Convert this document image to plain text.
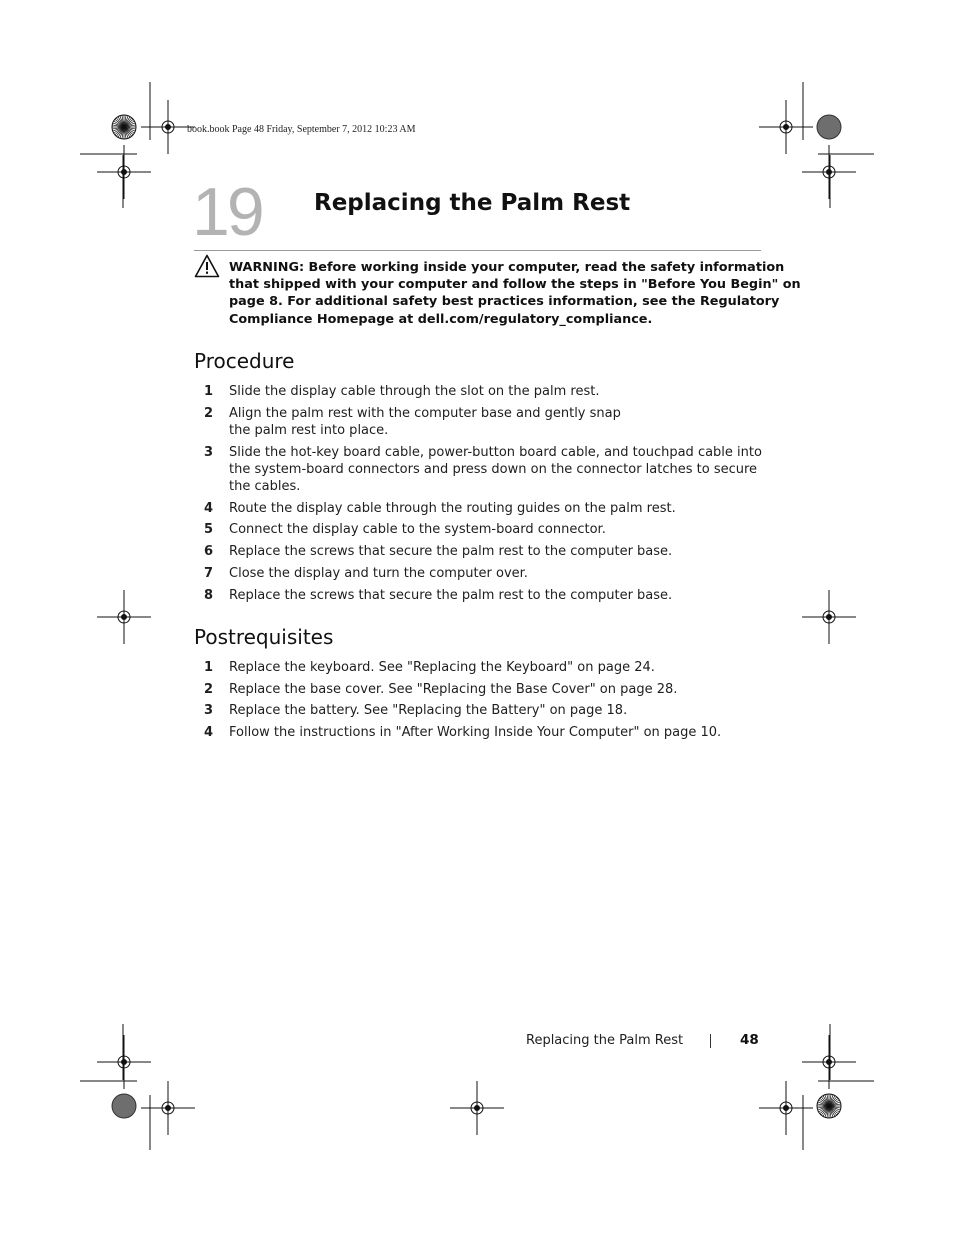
book.book Page 48 Friday, September 7, 2012 10:23 AM
19 Replacing the Palm Rest
WARNING: Before working inside your computer, read the safety information
that shipped with your computer and follow the steps in "Before You Begin" on
page 8. For additional safety best practices information, see the Regulatory
Compliance Homepage at dell.com/regulatory_compliance.
Procedure
1 Slide the display cable through the slot on the palm rest.
2 Align the palm rest with the computer base and gently snap
the palm rest into place.
3 Slide the hot-key board cable, power-button board cable, and touchpad cable into
the system-board connectors and press down on the connector latches to secure
the cables.
4 Route the display cable through the routing guides on the palm rest.
5 Connect the display cable to the system-board connector.
6 Replace the screws that secure the palm rest to the computer base.
7 Close the display and turn the computer over.
8 Replace the screws that secure the palm rest to the computer base.
Postrequisites
1 Replace the keyboard. See "Replacing the Keyboard" on page 24.
2 Replace the base cover. See "Replacing the Base Cover" on page 28.
3 Replace the battery. See "Replacing the Battery" on page 18.
4 Follow the instructions in "After Working Inside Your Computer" on page 10.
Replacing the Palm Rest	48
